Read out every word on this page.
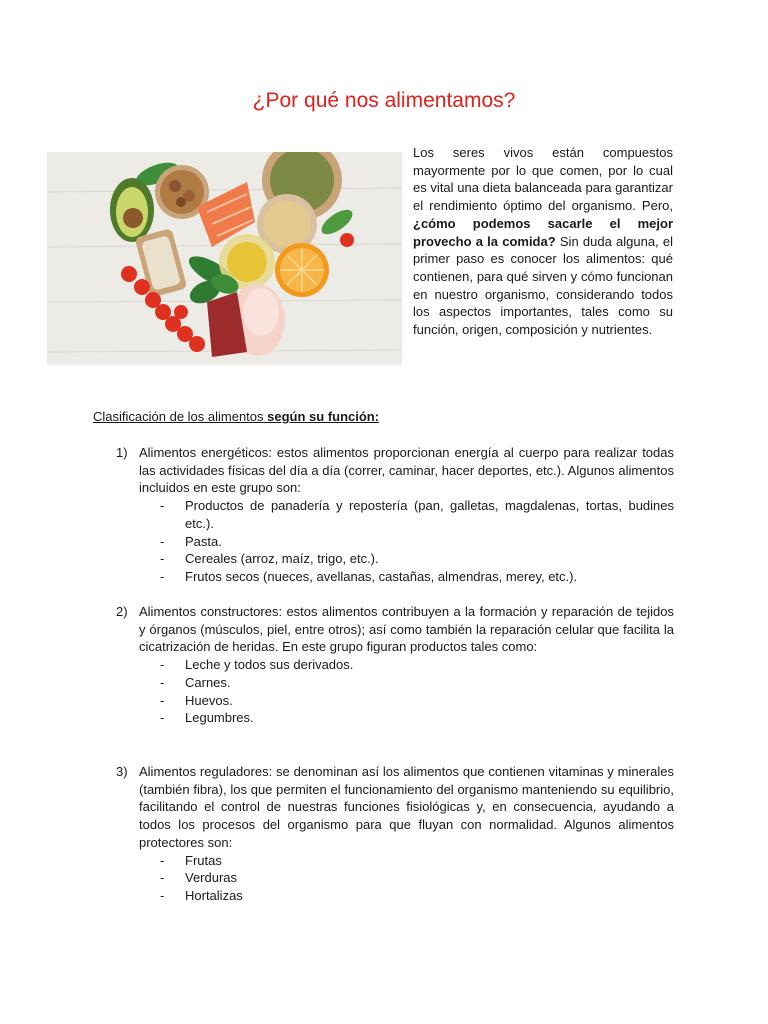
¿Por qué nos alimentamos?

Los seres vivos están compuestos mayormente por lo que comen, por lo cual es vital una dieta balanceada para garantizar el rendimiento óptimo del organismo. Pero, ¿cómo podemos sacarle el mejor provecho a la comida? Sin duda alguna, el primer paso es conocer los alimentos: qué contienen, para qué sirven y cómo funcionan en nuestro organismo, considerando todos los aspectos importantes, tales como su función, origen, composición y nutrientes.

Clasificación de los alimentos según su función:

1) Alimentos energéticos: estos alimentos proporcionan energía al cuerpo para realizar todas las actividades físicas del día a día (correr, caminar, hacer deportes, etc.). Algunos alimentos incluidos en este grupo son:

- Productos de panadería y repostería (pan, galletas, magdalenas, tortas, budines etc.).
- Pasta.
- Cereales (arroz, maíz, trigo, etc.).
- Frutos secos (nueces, avellanas, castañas, almendras, merey, etc.).
2) Alimentos constructores: estos alimentos contribuyen a la formación y reparación de tejidos y órganos (músculos, piel, entre otros); así como también la reparación celular que facilita la cicatrización de heridas. En este grupo figuran productos tales como:

- Leche y todos sus derivados.
- Carnes.
- Huevos.
- Legumbres.
3) Alimentos reguladores: se denominan así los alimentos que contienen vitaminas y minerales (también fibra), los que permiten el funcionamiento del organismo manteniendo su equilibrio, facilitando el control de nuestras funciones fisiológicas y, en consecuencia, ayudando a todos los procesos del organismo para que fluyan con normalidad. Algunos alimentos protectores son:

- Frutas
- Verduras
- Hortalizas
